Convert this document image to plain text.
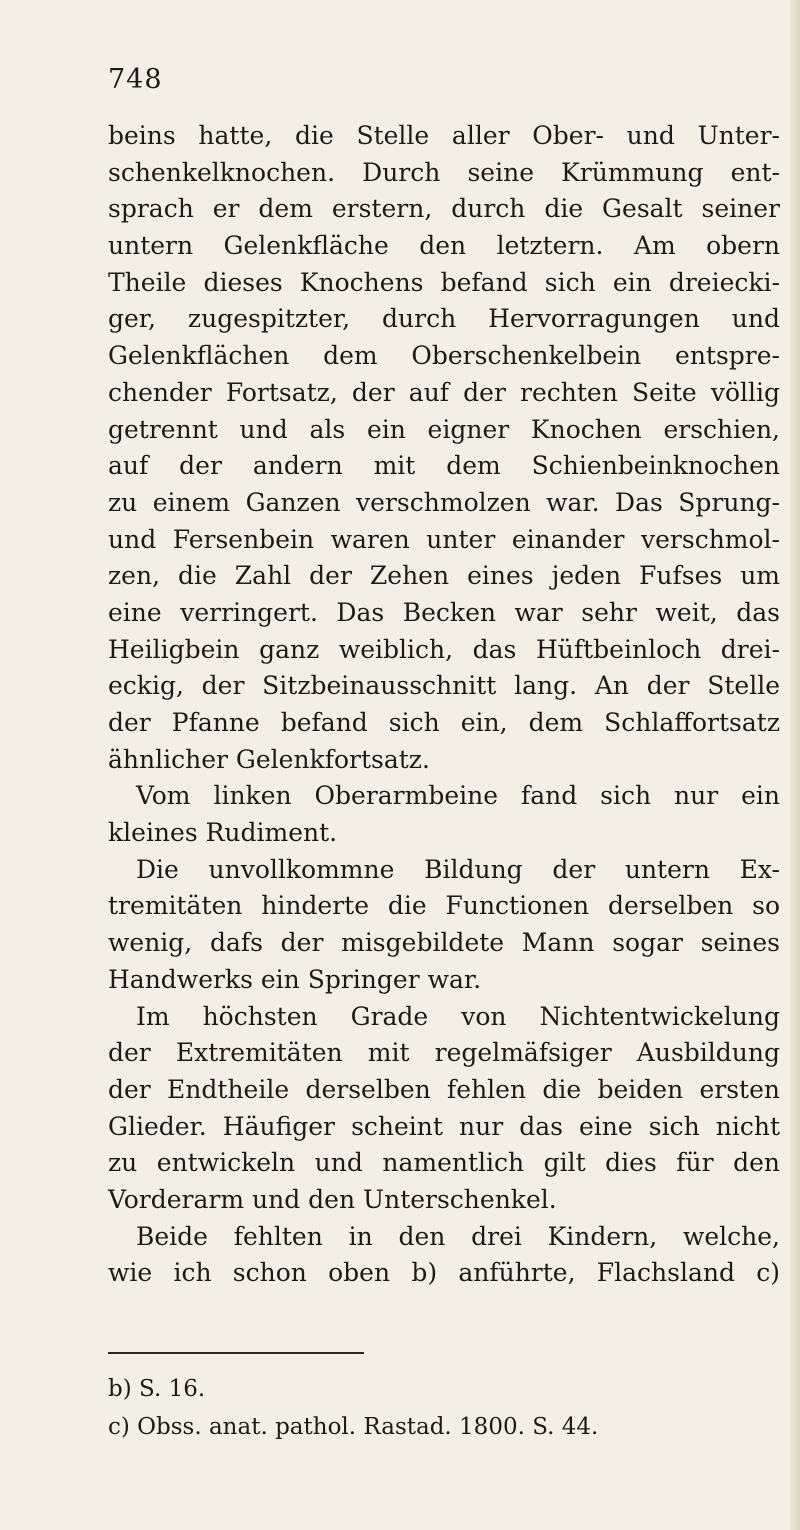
748
beins hatte, die Stelle aller Ober- und Unter-
schenkelknochen. Durch seine Krümmung ent-
sprach er dem erstern, durch die Gesalt seiner
untern Gelenkfläche den letztern. Am obern
Theile dieses Knochens befand sich ein dreiecki-
ger, zugespitzter, durch Hervorragungen und
Gelenkflächen dem Oberschenkelbein entspre-
chender Fortsatz, der auf der rechten Seite völlig
getrennt und als ein eigner Knochen erschien,
auf der andern mit dem Schienbeinknochen
zu einem Ganzen verschmolzen war. Das Sprung-
und Fersenbein waren unter einander verschmol-
zen, die Zahl der Zehen eines jeden Fufses um
eine verringert. Das Becken war sehr weit, das
Heiligbein ganz weiblich, das Hüftbeinloch drei-
eckig, der Sitzbeinausschnitt lang. An der Stelle
der Pfanne befand sich ein, dem Schlaffortsatz
ähnlicher Gelenkfortsatz.
Vom linken Oberarmbeine fand sich nur ein
kleines Rudiment.
Die unvollkommne Bildung der untern Ex-
tremitäten hinderte die Functionen derselben so
wenig, dafs der misgebildete Mann sogar seines
Handwerks ein Springer war.
Im höchsten Grade von Nichtentwickelung
der Extremitäten mit regelmäfsiger Ausbildung
der Endtheile derselben fehlen die beiden ersten
Glieder. Häufiger scheint nur das eine sich nicht
zu entwickeln und namentlich gilt dies für den
Vorderarm und den Unterschenkel.
Beide fehlten in den drei Kindern, welche,
wie ich schon oben b) anführte, Flachsland c)
b) S. 16.
c) Obss. anat. pathol. Rastad. 1800. S. 44.
